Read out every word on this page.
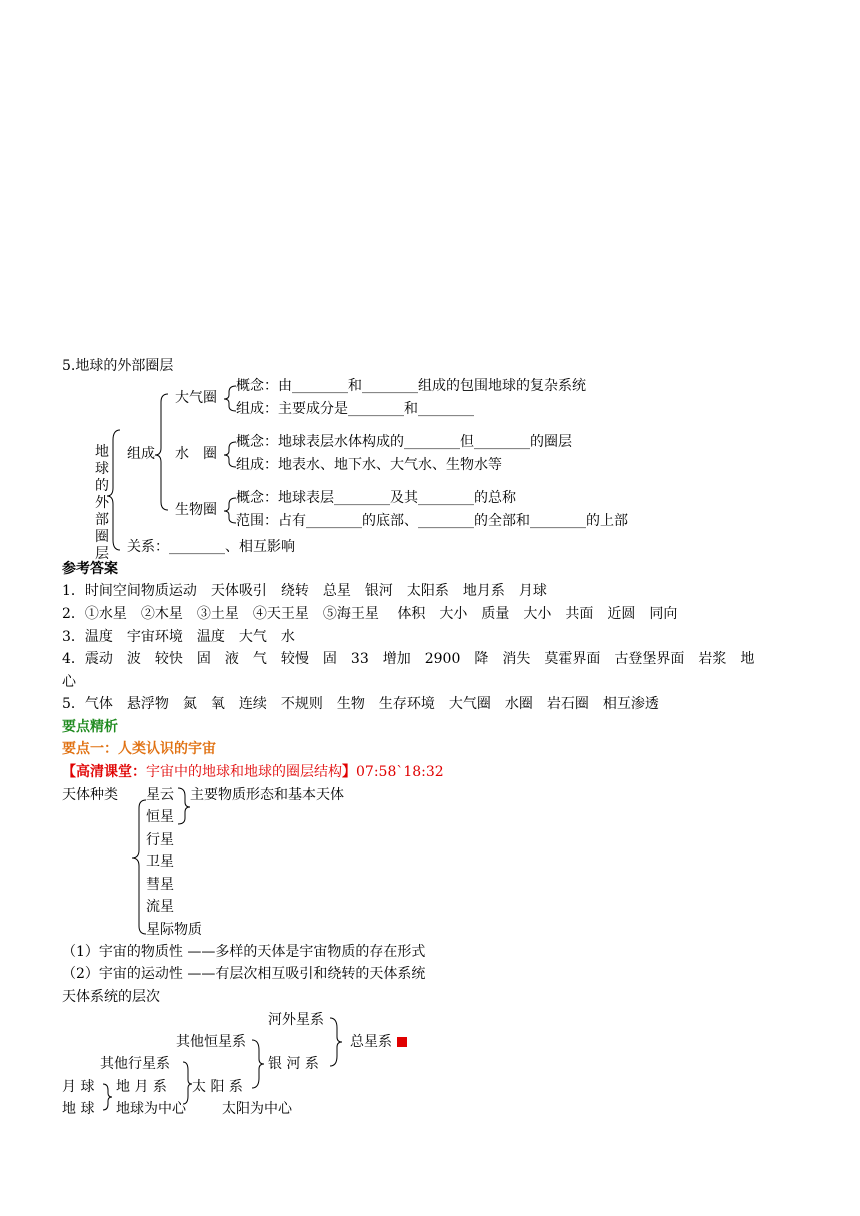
5.地球的外部圈层
地
球
的
外
部
圈
层
组成
大气圈
概念：由________和________组成的包围地球的复杂系统
组成：主要成分是________和________
水　圈
概念：地球表层水体构成的________但________的圈层
组成：地表水、地下水、大气水、生物水等
生物圈
概念：地球表层________及其________的总称
范围：占有________的底部、________的全部和________的上部
关系：________、相互影响
参考答案
1．时间空间物质运动　天体吸引　绕转　总星　银河　太阳系　地月系　月球
2．①水星　②木星　③土星　④天王星　⑤海王星　 体积　大小　质量　大小　共面　近圆　同向
3．温度　宇宙环境　温度　大气　水
4．震动　波　较快　固　液　气　较慢　固　33　增加　2900　降　消失　莫霍界面　古登堡界面　岩浆　地
心
5．气体　悬浮物　氮　氧　连续　不规则　生物　生存环境　大气圈　水圈　岩石圈　相互渗透
要点精析
要点一：人类认识的宇宙
【高清课堂：宇宙中的地球和地球的圈层结构】07:58`18:32
天体种类 星云
恒星
行星
卫星
彗星
流星
星际物质
主要物质形态和基本天体
（1）宇宙的物质性 ——多样的天体是宇宙物质的存在形式
（2）宇宙的运动性 ——有层次相互吸引和绕转的天体系统
天体系统的层次
河外星系
其他恒星系
银 河 系
总星系
其他行星系
地 月 系 太 阳 系
月 球
地 球 地球为中心	太阳为中心
